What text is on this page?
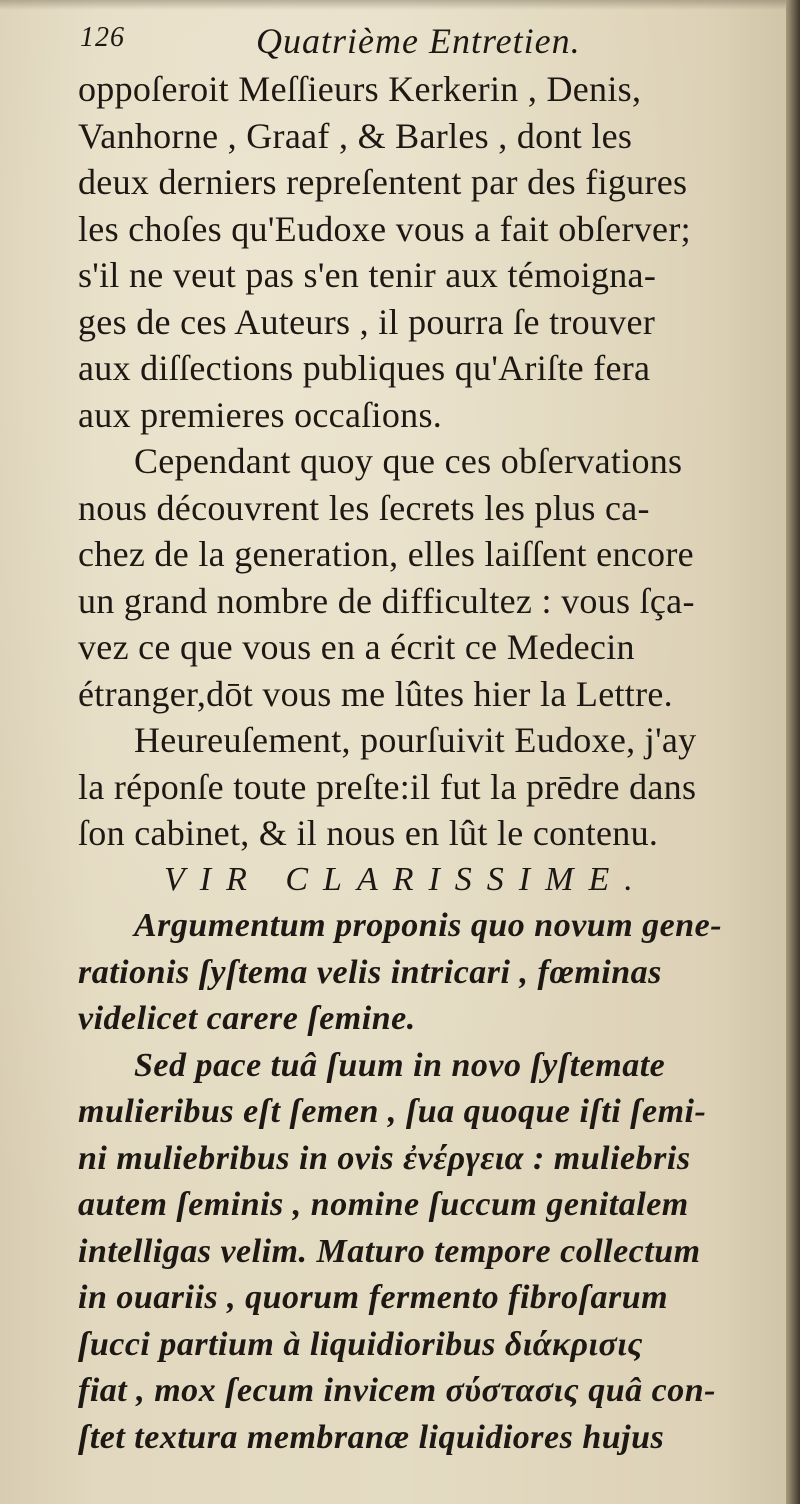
126	Quatrième Entretien.
oppoſeroit Meſſieurs Kerkerin , Denis,
Vanhorne , Graaf , & Barles , dont les
deux derniers repreſentent par des figures
les choſes qu'Eudoxe vous a fait obſerver;
s'il ne veut pas s'en tenir aux témoigna-
ges de ces Auteurs , il pourra ſe trouver
aux diſſections publiques qu'Ariſte fera
aux premieres occaſions.
Cependant quoy que ces obſervations
nous découvrent les ſecrets les plus ca-
chez de la generation, elles laiſſent encore
un grand nombre de difficultez : vous ſça-
vez ce que vous en a écrit ce Medecin
étranger,dōt vous me lûtes hier la Lettre.
Heureuſement, pourſuivit Eudoxe, j'ay
la réponſe toute preſte:il fut la prēdre dans
ſon cabinet, & il nous en lût le contenu.
VIR CLARISSIME.
Argumentum proponis quo novum gene-
rationis ſyſtema velis intricari , fœminas
videlicet carere ſemine.
Sed pace tuâ ſuum in novo ſyſtemate
mulieribus eſt ſemen , ſua quoque iſti ſemi-
ni muliebribus in ovis ἐνέργεια : muliebris
autem ſeminis , nomine ſuccum genitalem
intelligas velim. Maturo tempore collectum
in ouariis , quorum fermento fibroſarum
ſucci partium à liquidioribus διάκρισις
fiat , mox ſecum invicem σύστασις quâ con-
ſtet textura membranæ liquidiores hujus
